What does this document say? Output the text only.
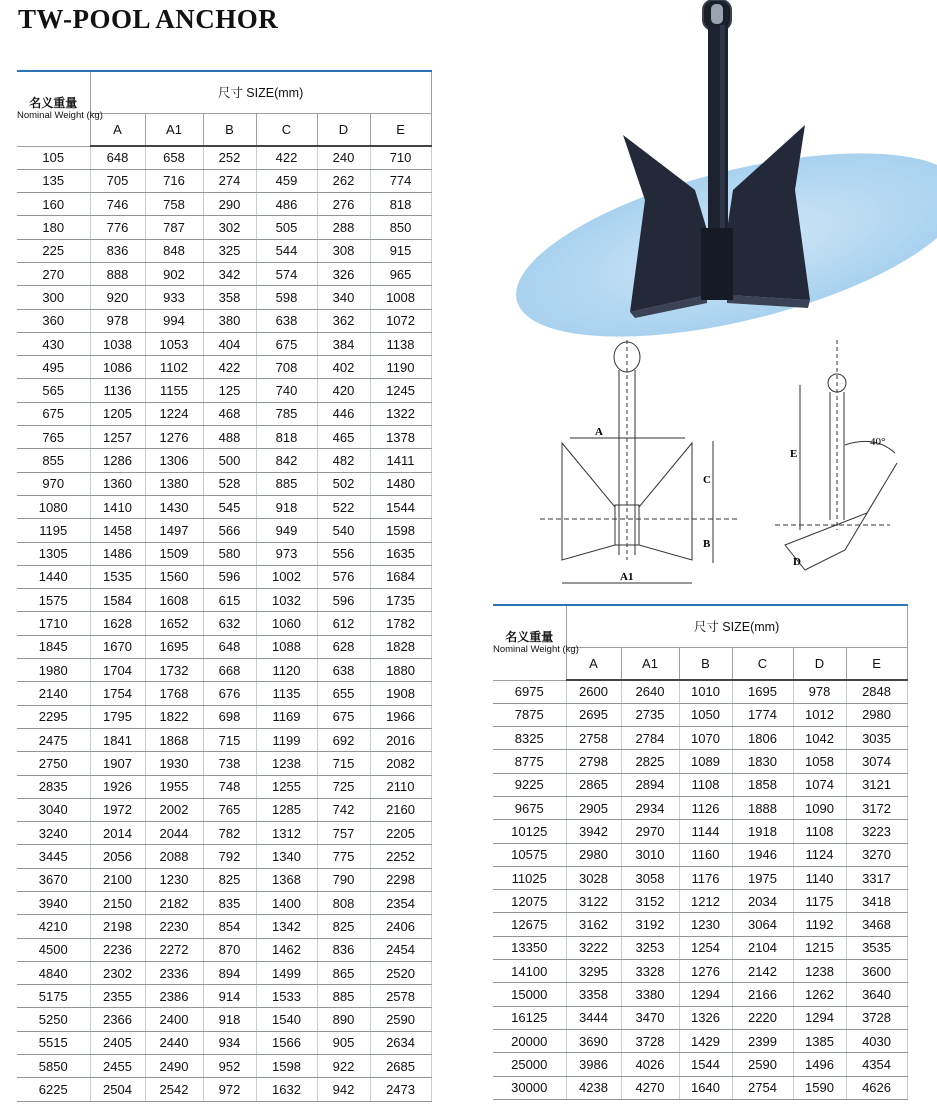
TW-POOL ANCHOR
名义重量
Nominal Weight (kg)	尺寸 SIZE(mm)					
	A	A1	B	C	D	E
105	648	658	252	422	240	710
135	705	716	274	459	262	774
160	746	758	290	486	276	818
180	776	787	302	505	288	850
225	836	848	325	544	308	915
270	888	902	342	574	326	965
300	920	933	358	598	340	1008
360	978	994	380	638	362	1072
430	1038	1053	404	675	384	1138
495	1086	1102	422	708	402	1190
565	1136	1155	125	740	420	1245
675	1205	1224	468	785	446	1322
765	1257	1276	488	818	465	1378
855	1286	1306	500	842	482	1411
970	1360	1380	528	885	502	1480
1080	1410	1430	545	918	522	1544
1195	1458	1497	566	949	540	1598
1305	1486	1509	580	973	556	1635
1440	1535	1560	596	1002	576	1684
1575	1584	1608	615	1032	596	1735
1710	1628	1652	632	1060	612	1782
1845	1670	1695	648	1088	628	1828
1980	1704	1732	668	1120	638	1880
2140	1754	1768	676	1135	655	1908
2295	1795	1822	698	1169	675	1966
2475	1841	1868	715	1199	692	2016
2750	1907	1930	738	1238	715	2082
2835	1926	1955	748	1255	725	2110
3040	1972	2002	765	1285	742	2160
3240	2014	2044	782	1312	757	2205
3445	2056	2088	792	1340	775	2252
3670	2100	1230	825	1368	790	2298
3940	2150	2182	835	1400	808	2354
4210	2198	2230	854	1342	825	2406
4500	2236	2272	870	1462	836	2454
4840	2302	2336	894	1499	865	2520
5175	2355	2386	914	1533	885	2578
5250	2366	2400	918	1540	890	2590
5515	2405	2440	934	1566	905	2634
5850	2455	2490	952	1598	922	2685
6225	2504	2542	972	1632	942	2473
名义重量
Nominal Weight (kg)	尺寸 SIZE(mm)					
	A	A1	B	C	D	E
6975	2600	2640	1010	1695	978	2848
7875	2695	2735	1050	1774	1012	2980
8325	2758	2784	1070	1806	1042	3035
8775	2798	2825	1089	1830	1058	3074
9225	2865	2894	1108	1858	1074	3121
9675	2905	2934	1126	1888	1090	3172
10125	3942	2970	1144	1918	1108	3223
10575	2980	3010	1160	1946	1124	3270
11025	3028	3058	1176	1975	1140	3317
12075	3122	3152	1212	2034	1175	3418
12675	3162	3192	1230	3064	1192	3468
13350	3222	3253	1254	2104	1215	3535
14100	3295	3328	1276	2142	1238	3600
15000	3358	3380	1294	2166	1262	3640
16125	3444	3470	1326	2220	1294	3728
20000	3690	3728	1429	2399	1385	4030
25000	3986	4026	1544	2590	1496	4354
30000	4238	4270	1640	2754	1590	4626
A
C
B
A1
E
D
40°
